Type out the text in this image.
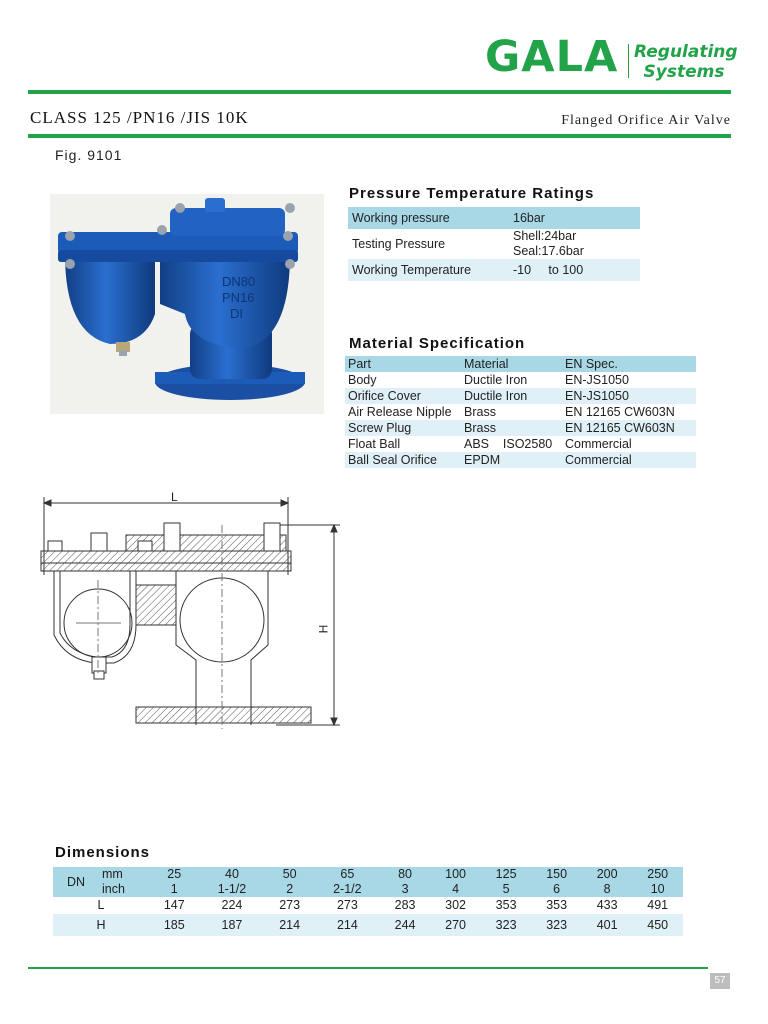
GALA Regulating
Systems
CLASS 125 /PN16 /JIS 10K	Flanged Orifice Air Valve
Fig. 9101
DN80
PN16
DI
Pressure Temperature Ratings
Working pressure	16bar
Testing Pressure	Shell:24bar
Seal:17.6bar

Working Temperature	-10     to 100
Material Specification
Part	Material	EN Spec.
Body	Ductile Iron	EN-JS1050
Orifice Cover	Ductile Iron	EN-JS1050
Air Release Nipple	Brass	EN 12165 CW603N
Screw Plug	Brass	EN 12165 CW603N
Float Ball	ABS    ISO2580	Commercial
Ball Seal Orifice	EPDM	Commercial
L
H
Dimensions
DN	mm	25	40	50	65	80	100	125	150	200	250
	inch	1	1-1/2	2	2-1/2	3	4	5	6	8	10
L		147	224	273	273	283	302	353	353	433	491
H		185	187	214	214	244	270	323	323	401	450
57
